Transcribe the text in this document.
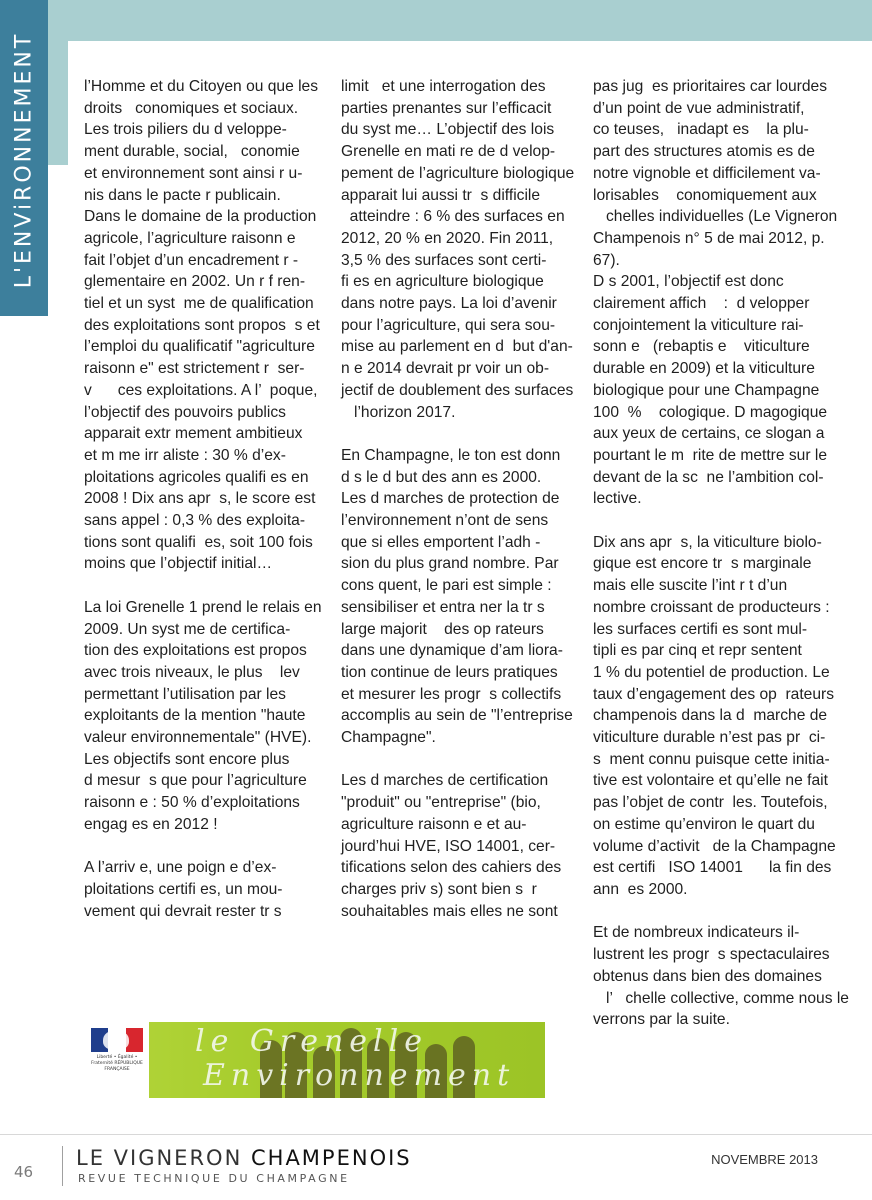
L'ENViRONNEMENT	l’Homme et du Citoyen ou que les

droits   conomiques et sociaux.

Les trois piliers du d veloppe-

ment durable, social,   conomie

et environnement sont ainsi r u-

nis dans le pacte r publicain.

Dans le domaine de la production

agricole, l’agriculture raisonn e

fait l’objet d’un encadrement r -

glementaire en 2002. Un r f ren-

tiel et un syst  me de qualification

des exploitations sont propos  s et

l’emploi du qualificatif "agriculture

raisonn e" est strictement r  ser-

v      ces exploitations. A l’  poque,

l’objectif des pouvoirs publics

apparait extr mement ambitieux

et m me irr aliste : 30 % d’ex-

ploitations agricoles qualifi es en

2008 ! Dix ans apr  s, le score est

sans appel : 0,3 % des exploita-

tions sont qualifi  es, soit 100 fois

moins que l’objectif initial…

La loi Grenelle 1 prend le relais en

2009. Un syst me de certifica-

tion des exploitations est propos

avec trois niveaux, le plus    lev

permettant l’utilisation par les

exploitants de la mention "haute

valeur environnementale" (HVE).

Les objectifs sont encore plus

d mesur  s que pour l’agriculture

raisonn e : 50 % d’exploitations

engag es en 2012 !

A l’arriv e, une poign e d’ex-

ploitations certifi es, un mou-

vement qui devrait rester tr s

limit   et une interrogation des

parties prenantes sur l’efficacit

du syst me… L’objectif des lois

Grenelle en mati re de d velop-

pement de l’agriculture biologique

apparait lui aussi tr  s difficile

atteindre : 6 % des surfaces en

2012, 20 % en 2020. Fin 2011,

3,5 % des surfaces sont certi-

fi es en agriculture biologique

dans notre pays. La loi d’avenir

pour l’agriculture, qui sera sou-

mise au parlement en d  but d'an-

n e 2014 devrait pr voir un ob-

jectif de doublement des surfaces

l’horizon 2017.

En Champagne, le ton est donn

d s le d but des ann es 2000.

Les d marches de protection de

l’environnement n’ont de sens

que si elles emportent l’adh -

sion du plus grand nombre. Par

cons quent, le pari est simple :

sensibiliser et entra ner la tr s

large majorit    des op rateurs

dans une dynamique d’am liora-

tion continue de leurs pratiques

et mesurer les progr  s collectifs

accomplis au sein de "l’entreprise

Champagne".

Les d marches de certification

"produit" ou "entreprise" (bio,

agriculture raisonn e et au-

jourd’hui HVE, ISO 14001, cer-

tifications selon des cahiers des

charges priv s) sont bien s  r

souhaitables mais elles ne sont

pas jug  es prioritaires car lourdes

d’un point de vue administratif,

co teuses,   inadapt es    la plu-

part des structures atomis es de

notre vignoble et difficilement va-

lorisables    conomiquement aux

chelles individuelles (Le Vigneron

Champenois n° 5 de mai 2012, p.

67).

D s 2001, l’objectif est donc

clairement affich    :  d velopper

conjointement la viticulture rai-

sonn e   (rebaptis e    viticulture

durable en 2009) et la viticulture

biologique pour une Champagne

100  %    cologique. D magogique

aux yeux de certains, ce slogan a

pourtant le m  rite de mettre sur le

devant de la sc  ne l’ambition col-

lective.

Dix ans apr  s, la viticulture biolo-

gique est encore tr  s marginale

mais elle suscite l’int r t d’un

nombre croissant de producteurs :

les surfaces certifi es sont mul-

tipli es par cinq et repr sentent

1 % du potentiel de production. Le

taux d’engagement des op  rateurs

champenois dans la d  marche de

viticulture durable n’est pas pr  ci-

s  ment connu puisque cette initia-

tive est volontaire et qu’elle ne fait

pas l’objet de contr  les. Toutefois,

on estime qu’environ le quart du

volume d’activit   de la Champagne

est certifi   ISO 14001      la fin des

ann  es 2000.

Et de nombreux indicateurs il-

lustrent les progr  s spectaculaires

obtenus dans bien des domaines

l’   chelle collective, comme nous le

verrons par la suite.

Liberté • Égalité • Fraternité RÉPUBLIQUE FRANÇAISE
le Grenelle
Environnement
46
LE VIGNERON CHAMPENOIS
REVUE TECHNIQUE DU CHAMPAGNE
NOVEMBRE 2013
